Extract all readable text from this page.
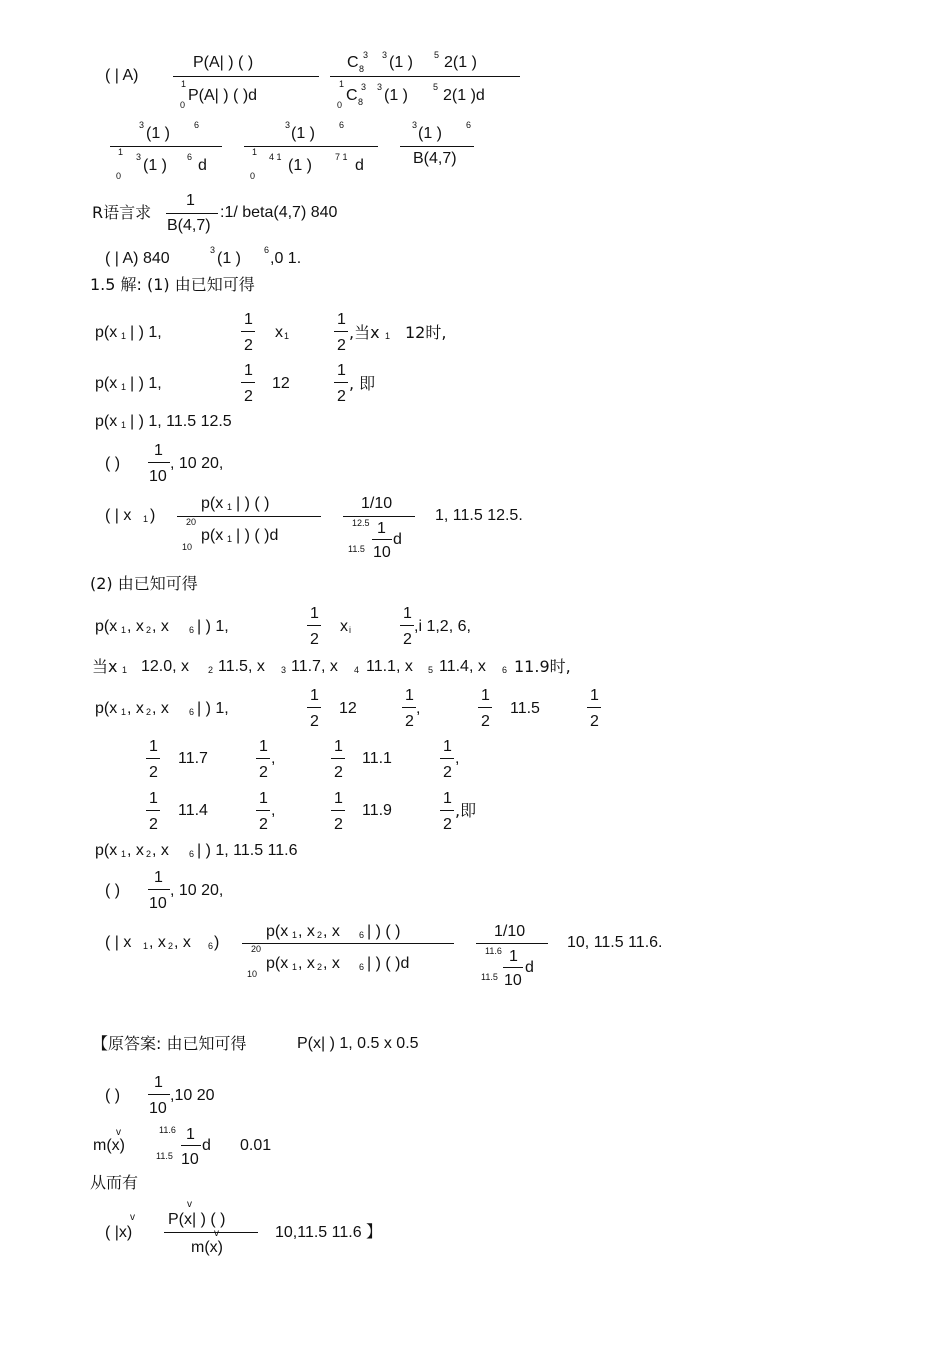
( | A)
P(A| ) ( )
P(A| ) ( )d
1
0
C 3
8 (1 )
3	5 2(1 )
C 3
8
3 (1 )	5 2(1 )d
1
0
3 (1 )	6
3 (1 ) 6 d
1
0
3 (1 )	6
4 1 (1 )	7 1 d
1
0
3 (1 )	6
B(4,7)
R语言求
1
B(4,7)
:1/ beta(4,7) 840
( | A) 840	3 (1 )	6 ,0 1.
1.5 解: (1) 由已知可得
p(x 1 | ) 1,
1
2
x 1
1
2
,当x 1 12时,
p(x 1 | ) 1,
1
2
12
1
2
, 即
p(x 1 | ) 1, 11.5 12.5
( )
1
10
, 10 20,
( | x 1 )
p(x 1 | ) ( )
p(x 1 | ) ( )d
20
10
1/10
12.5
11.5
1
10
d
1, 11.5 12.5.
(2) 由已知可得
p(x 1 , x 2 , x 6 | ) 1,
1
2
x i
1
2
,i 1,2, 6,
当x 1 12.0, x 2 11.5, x 3 11.7, x 4 11.1, x 5 11.4, x 6 11.9时,
p(x 1 , x 2 , x 6 | ) 1,
1
2
12
1
2
,
1
2
11.5
1
2
1
2
11.7
1
2
,
1
2
11.1
1
2
,
1
2
11.4
1
2
,
1
2
11.9
1
2
,即
p(x 1 , x 2 , x 6 | ) 1, 11.5 11.6
( )
1
10
, 10 20,
( | x 1 , x 2 , x 6 )
p(x 1 , x 2 , x 6 | ) ( )
p(x 1 , x 2 , x 6 | ) ( )d
20
10
1/10
11.6
11.5
1
10
d
10, 11.5 11.6.
【原答案: 由已知可得	P(x| ) 1, 0.5 x 0.5
( )
1
10
,10 20
m(x)
v	11.6
11.5
1
10
d 0.01
从而有
( |x)
v P(x| ) ( )
v
m(x)
v	10,11.5 11.6 】
